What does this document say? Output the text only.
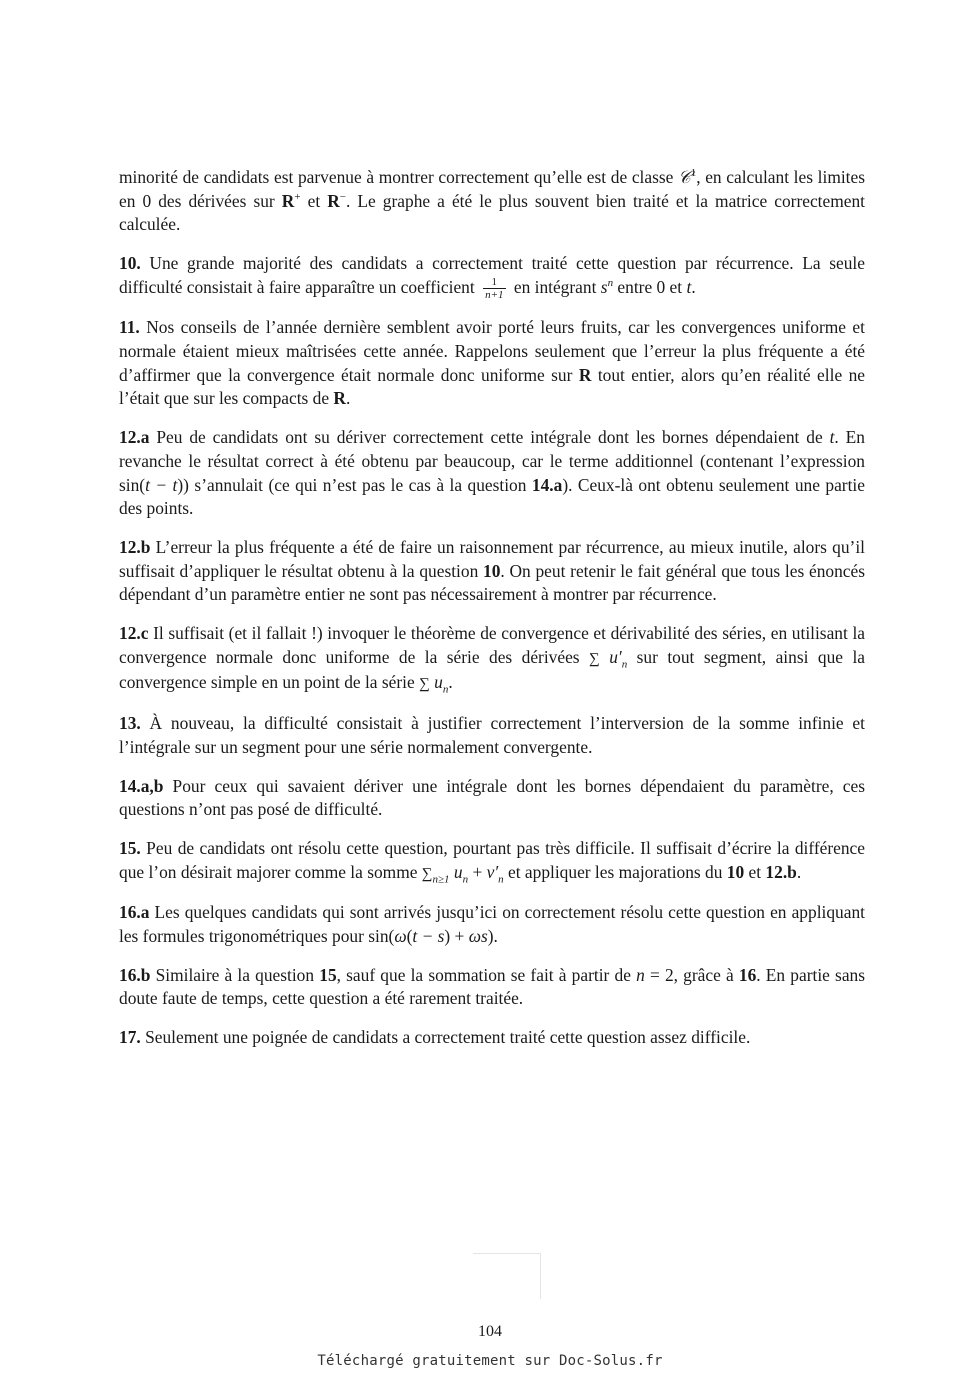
minorité de candidats est parvenue à montrer correctement qu’elle est de classe 𝒞$^1$, en calculant les limites en 0 des dérivées sur R+ et R−. Le graphe a été le plus souvent bien traité et la matrice correctement calculée.

10. Une grande majorité des candidats a correctement traité cette question par récurrence. La seule difficulté consistait à faire apparaître un coefficient $\frac{1}{n+1}$ en intégrant $s^n$ entre 0 et t.

11. Nos conseils de l’année dernière semblent avoir porté leurs fruits, car les convergences uniforme et normale étaient mieux maîtrisées cette année. Rappelons seulement que l’erreur la plus fréquente a été d’affirmer que la convergence était normale donc uniforme sur R tout entier, alors qu’en réalité elle ne l’était que sur les compacts de R.

12.a Peu de candidats ont su dériver correctement cette intégrale dont les bornes dépendaient de t. En revanche le résultat correct à été obtenu par beaucoup, car le terme additionnel (contenant l’expression sin(t − t)) s’annulait (ce qui n’est pas le cas à la question 14.a). Ceux-là ont obtenu seulement une partie des points.

12.b L’erreur la plus fréquente a été de faire un raisonnement par récurrence, au mieux inutile, alors qu’il suffisait d’appliquer le résultat obtenu à la question 10. On peut retenir le fait général que tous les énoncés dépendant d’un paramètre entier ne sont pas nécessairement à montrer par récurrence.

12.c Il suffisait (et il fallait !) invoquer le théorème de convergence et dérivabilité des séries, en utilisant la convergence normale donc uniforme de la série des dérivées ∑ $u'_n$ sur tout segment, ainsi que la convergence simple en un point de la série ∑ $u_n$.

13. À nouveau, la difficulté consistait à justifier correctement l’interversion de la somme infinie et l’intégrale sur un segment pour une série normalement convergente.

14.a,b Pour ceux qui savaient dériver une intégrale dont les bornes dépendaient du paramètre, ces questions n’ont pas posé de difficulté.

15. Peu de candidats ont résolu cette question, pourtant pas très difficile. Il suffisait d’écrire la différence que l’on désirait majorer comme la somme $\sum_{n\ge 1}$ $u_n + v'_n$ et appliquer les majorations du 10 et 12.b.

16.a Les quelques candidats qui sont arrivés jusqu’ici on correctement résolu cette question en appliquant les formules trigonométriques pour sin(ω(t − s) + ωs).

16.b Similaire à la question 15, sauf que la sommation se fait à partir de n = 2, grâce à 16. En partie sans doute faute de temps, cette question a été rarement traitée.

17. Seulement une poignée de candidats a correctement traité cette question assez difficile.

104
Téléchargé gratuitement sur Doc-Solus.fr
